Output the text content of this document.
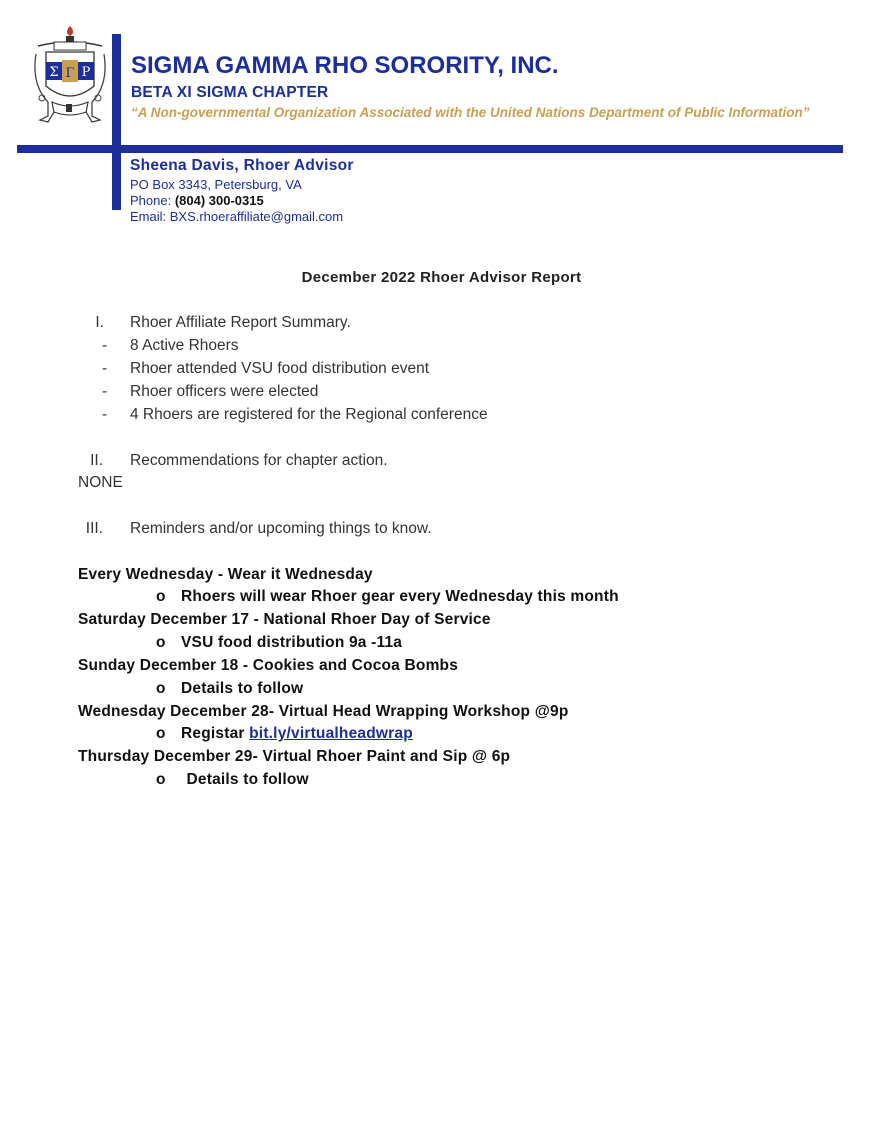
Σ Γ Ρ SIGMA GAMMA RHO SORORITY, INC.
BETA XI SIGMA CHAPTER
“A Non-governmental Organization Associated with the United Nations Department of Public Information”
Sheena Davis, Rhoer Advisor
PO Box 3343, Petersburg, VA
Phone: (804) 300-0315
Email: BXS.rhoeraffiliate@gmail.com
December 2022 Rhoer Advisor Report
I. Rhoer Affiliate Report Summary.
- 8 Active Rhoers
- Rhoer attended VSU food distribution event
- Rhoer officers were elected
- 4 Rhoers are registered for the Regional conference
II. Recommendations for chapter action.
NONE
III. Reminders and/or upcoming things to know.
Every Wednesday - Wear it Wednesday
o Rhoers will wear Rhoer gear every Wednesday this month
Saturday December 17 - National Rhoer Day of Service
o VSU food distribution 9a -11a
Sunday December 18 - Cookies and Cocoa Bombs
o Details to follow
Wednesday December 28- Virtual Head Wrapping Workshop @9p
o Registar bit.ly/virtualheadwrap
Thursday December 29- Virtual Rhoer Paint and Sip @ 6p
o Details to follow
